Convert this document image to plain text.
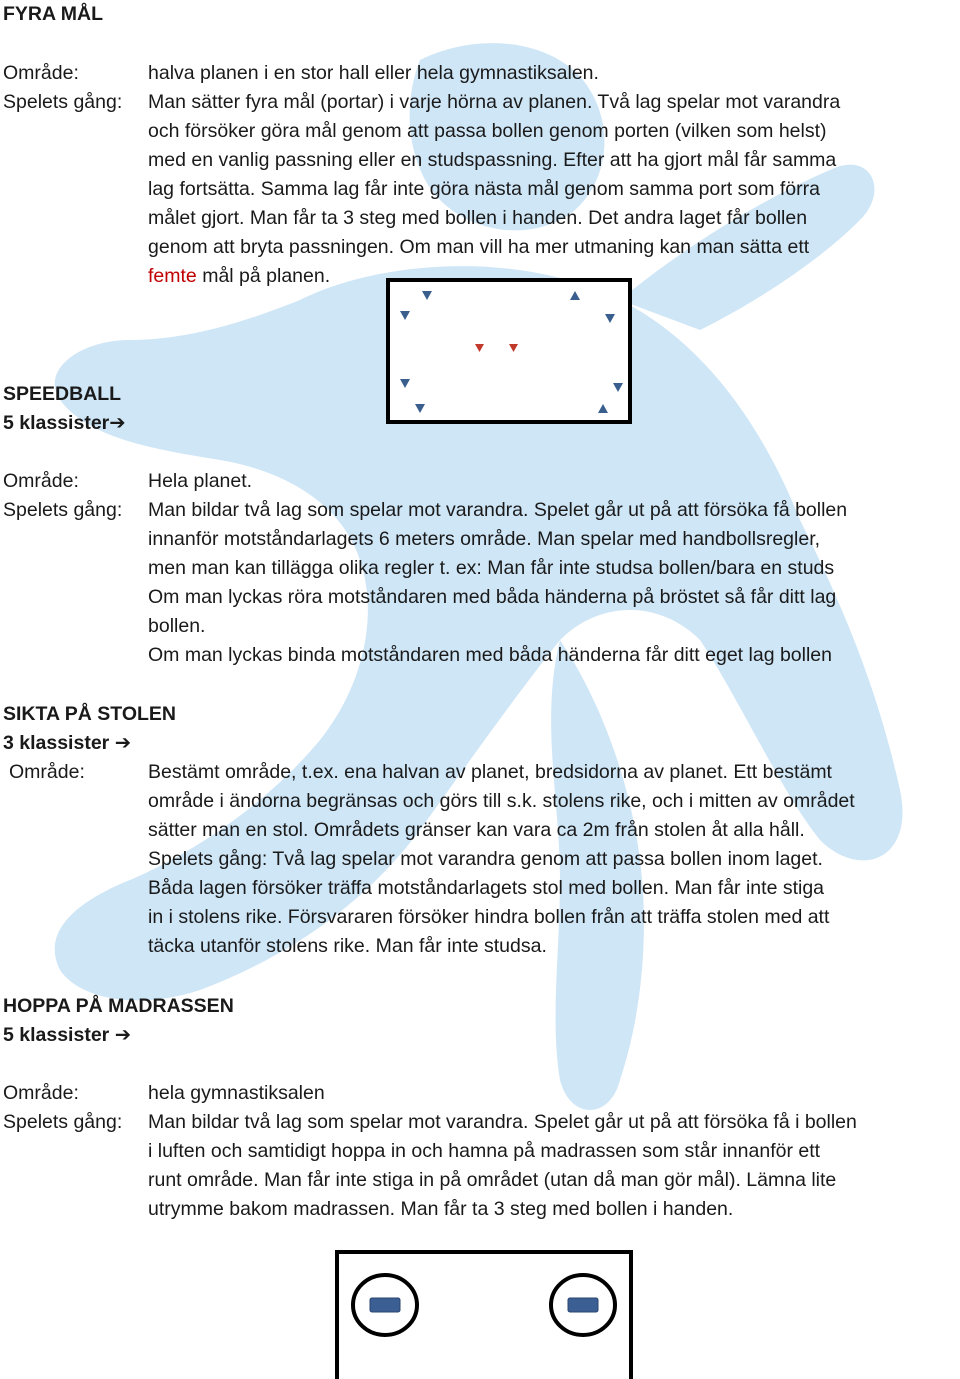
FYRA MÅL
Område:	halva planen i en stor hall eller hela gymnastiksalen.
Spelets gång: Man sätter fyra mål (portar) i varje hörna av planen. Två lag spelar mot varandra
och försöker göra mål genom att passa bollen genom porten (vilken som helst)
med en vanlig passning eller en studspassning. Efter att ha gjort mål får samma
lag fortsätta. Samma lag får inte göra nästa mål genom samma port som förra
målet gjort. Man får ta 3 steg med bollen i handen. Det andra laget får bollen
genom att bryta passningen. Om man vill ha mer utmaning kan man sätta ett
femte mål på planen.
SPEEDBALL
5 klassister➔
Område:	Hela planet.
Spelets gång: Man bildar två lag som spelar mot varandra. Spelet går ut på att försöka få bollen
innanför motståndarlagets 6 meters område. Man spelar med handbollsregler,
men man kan tillägga olika regler t. ex: Man får inte studsa bollen/bara en studs
Om man lyckas röra motståndaren med båda händerna på bröstet så får ditt lag
bollen.
Om man lyckas binda motståndaren med båda händerna får ditt eget lag bollen
SIKTA PÅ STOLEN
3 klassister ➔
Område:	Bestämt område, t.ex. ena halvan av planet, bredsidorna av planet. Ett bestämt
område i ändorna begränsas och görs till s.k. stolens rike, och i mitten av området
sätter man en stol. Områdets gränser kan vara ca 2m från stolen åt alla håll.
Spelets gång: Två lag spelar mot varandra genom att passa bollen inom laget.
Båda lagen försöker träffa motståndarlagets stol med bollen. Man får inte stiga
in i stolens rike. Försvararen försöker hindra bollen från att träffa stolen med att
täcka utanför stolens rike. Man får inte studsa.
HOPPA PÅ MADRASSEN
5 klassister ➔
Område:	hela gymnastiksalen
Spelets gång: Man bildar två lag som spelar mot varandra. Spelet går ut på att försöka få i bollen
i luften och samtidigt hoppa in och hamna på madrassen som står innanför ett
runt område. Man får inte stiga in på området (utan då man gör mål). Lämna lite
utrymme bakom madrassen. Man får ta 3 steg med bollen i handen.
